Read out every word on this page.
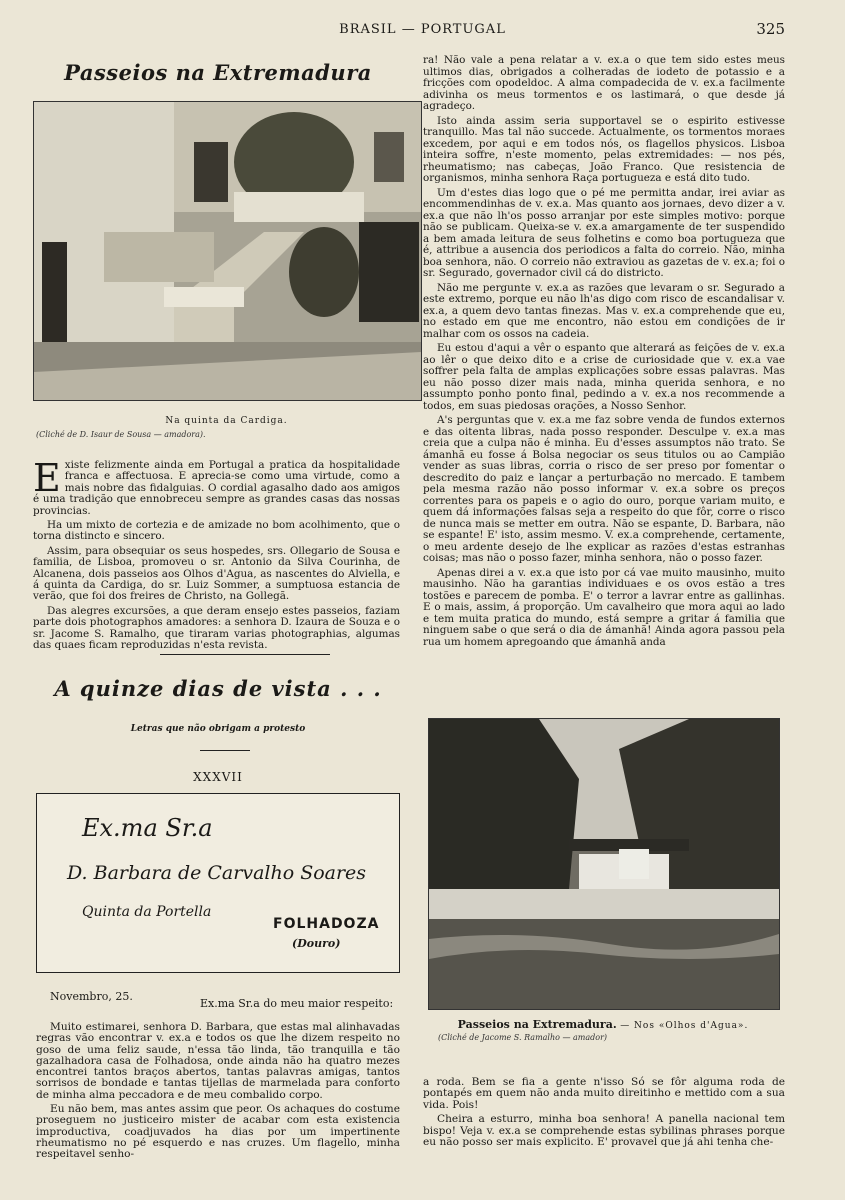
BRASIL — PORTUGAL	325
Passeios na Extremadura
Na quinta da Cardiga.
(Cliché de D. Isaur de Sousa — amadora).

Existe felizmente ainda em Portugal a pratica da hospitalidade franca e affectuosa. E aprecia-se como uma virtude, como a mais nobre das fidalguias. O cordial agasalho dado aos amigos é uma tradição que ennobreceu sempre as grandes casas das nossas provincias.

Ha um mixto de cortezia e de amizade no bom acolhimento, que o torna distincto e sincero.

Assim, para obsequiar os seus hospedes, srs. Ollegario de Sousa e familia, de Lisboa, promoveu o sr. Antonio da Silva Courinha, de Alcanena, dois passeios aos Olhos d'Agua, as nascentes do Alviella, e á quinta da Cardiga, do sr. Luiz Sommer, a sumptuosa estancia de verão, que foi dos freires de Christo, na Gollegã.

Das alegres excursões, a que deram ensejo estes passeios, faziam parte dois photographos amadores: a senhora D. Izaura de Souza e o sr. Jacome S. Ramalho, que tiraram varias photographias, algumas das quaes ficam reproduzidas n'esta revista.

A quinze dias de vista . . .
Letras que não obrigam a protesto
XXXVII
Ex.ma Sr.a
D. Barbara de Carvalho Soares
Quinta da Portella
FOLHADOZA
(Douro)
Novembro, 25.
Ex.ma Sr.a do meu maior respeito:

Muito estimarei, senhora D. Barbara, que estas mal alinhavadas regras vão encontrar v. ex.a e todos os que lhe dizem respeito no goso de uma feliz saude, n'essa tão linda, tão tranquilla e tão gazalhadora casa de Folhadosa, onde ainda não ha quatro mezes encontrei tantos braços abertos, tantas palavras amigas, tantos sorrisos de bondade e tantas tijellas de marmelada para conforto de minha alma peccadora e de meu combalido corpo.

Eu não bem, mas antes assim que peor. Os achaques do costume proseguem no justiceiro mister de acabar com esta existencia improductiva, coadjuvados ha dias por um impertinente rheumatismo no pé esquerdo e nas cruzes. Um flagello, minha respeitavel senho-

ra! Não vale a pena relatar a v. ex.a o que tem sido estes meus ultimos dias, obrigados a colheradas de iodeto de potassio e a fricções com opodeldoc. A alma compadecida de v. ex.a facilmente adivinha os meus tormentos e os lastimará, o que desde já agradeço.

Isto ainda assim seria supportavel se o espirito estivesse tranquillo. Mas tal não succede. Actualmente, os tormentos moraes excedem, por aqui e em todos nós, os flagellos physicos. Lisboa inteira soffre, n'este momento, pelas extremidades: — nos pés, rheumatismo; nas cabeças, João Franco. Que resistencia de organismos, minha senhora Raça portugueza e está dito tudo.

Um d'estes dias logo que o pé me permitta andar, irei aviar as encommendinhas de v. ex.a. Mas quanto aos jornaes, devo dizer a v. ex.a que não lh'os posso arranjar por este simples motivo: porque não se publicam. Queixa-se v. ex.a amargamente de ter suspendido a bem amada leitura de seus folhetins e como boa portugueza que é, attribue a ausencia dos periodicos a falta do correio. Não, minha boa senhora, não. O correio não extraviou as gazetas de v. ex.a; foi o sr. Segurado, governador civil cá do districto.

Não me pergunte v. ex.a as razões que levaram o sr. Segurado a este extremo, porque eu não lh'as digo com risco de escandalisar v. ex.a, a quem devo tantas finezas. Mas v. ex.a comprehende que eu, no estado em que me encontro, não estou em condições de ir malhar com os ossos na cadeia.

Eu estou d'aqui a vêr o espanto que alterará as feições de v. ex.a ao lêr o que deixo dito e a crise de curiosidade que v. ex.a vae soffrer pela falta de amplas explicações sobre essas palavras. Mas eu não posso dizer mais nada, minha querida senhora, e no assumpto ponho ponto final, pedindo a v. ex.a nos recommende a todos, em suas piedosas orações, a Nosso Senhor.

A's perguntas que v. ex.a me faz sobre venda de fundos externos e das oitenta libras, nada posso responder. Desculpe v. ex.a mas creia que a culpa não é minha. Eu d'esses assumptos não trato. Se ámanhã eu fosse á Bolsa negociar os seus titulos ou ao Campião vender as suas libras, corria o risco de ser preso por fomentar o descredito do paiz e lançar a perturbação no mercado. E tambem pela mesma razão não posso informar v. ex.a sobre os preços correntes para os papeis e o agio do ouro, porque variam muito, e quem dá informações falsas seja a respeito do que fôr, corre o risco de nunca mais se metter em outra. Não se espante, D. Barbara, não se espante! E' isto, assim mesmo. V. ex.a comprehende, certamente, o meu ardente desejo de lhe explicar as razões d'estas estranhas coisas; mas não o posso fazer, minha senhora, não o posso fazer.

Apenas direi a v. ex.a que isto por cá vae muito mausinho, muito mausinho. Não ha garantias individuaes e os ovos estão a tres tostões e parecem de pomba. E' o terror a lavrar entre as gallinhas. E o mais, assim, á proporção. Um cavalheiro que mora aqui ao lado e tem muita pratica do mundo, está sempre a gritar á familia que ninguem sabe o que será o dia de ámanhã! Ainda agora passou pela rua um homem apregoando que ámanhã anda

Passeios na Extremadura. — Nos «Olhos d'Agua».
(Cliché de Jacome S. Ramalho — amador)

a roda. Bem se fia a gente n'isso Só se fôr alguma roda de pontapés em quem não anda muito direitinho e mettido com a sua vida. Pois!

Cheira a esturro, minha boa senhora! A panella nacional tem bispo! Veja v. ex.a se comprehende estas sybilinas phrases porque eu não posso ser mais explicito. E' provavel que já ahi tenha che-
